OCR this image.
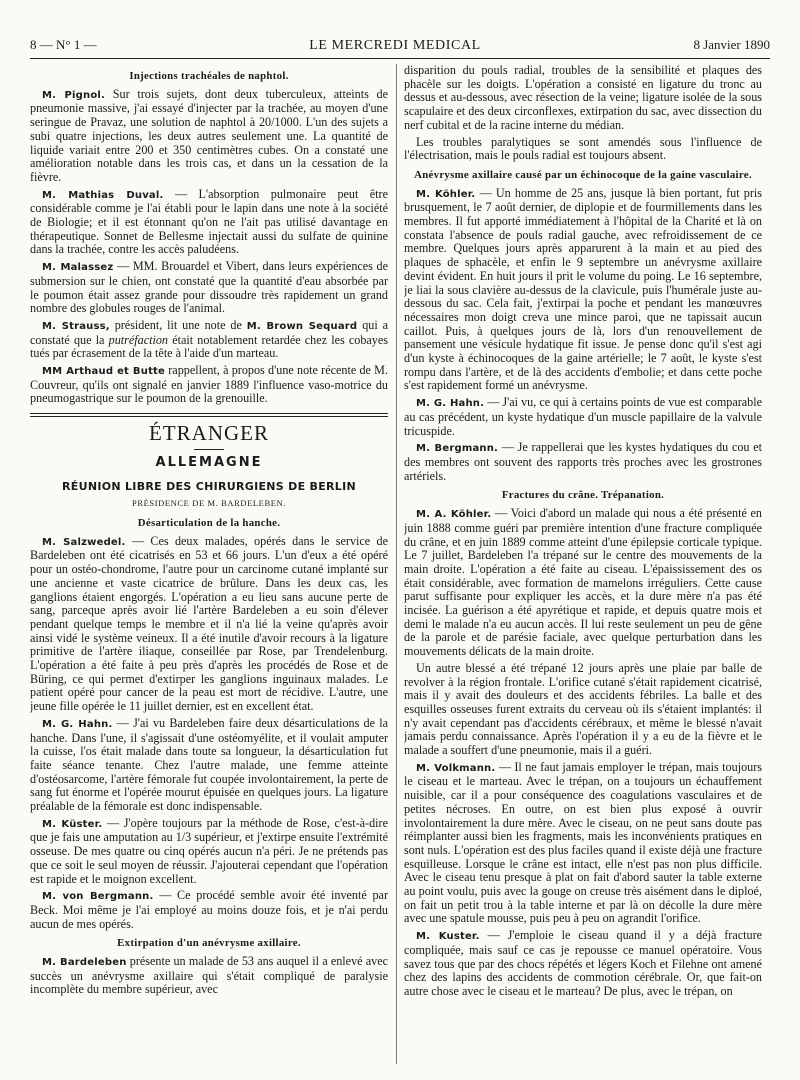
8 — N° 1 —	LE MERCREDI MEDICAL	8 Janvier 1890
Injections trachéales de naphtol.

M. Pignol. Sur trois sujets, dont deux tuberculeux, atteints de pneumonie massive, j'ai essayé d'injecter par la trachée, au moyen d'une seringue de Pravaz, une solution de naphtol à 20/1000. L'un des sujets a subi quatre injections, les deux autres seulement une. La quantité de liquide variait entre 200 et 350 centimètres cubes. On a constaté une amélioration notable dans les trois cas, et dans un la cessation de la fièvre.

M. Mathias Duval. — L'absorption pulmonaire peut être considérable comme je l'ai établi pour le lapin dans une note à la société de Biologie; et il est étonnant qu'on ne l'ait pas utilisé davantage en thérapeutique. Sonnet de Bellesme injectait aussi du sulfate de quinine dans la trachée, contre les accès paludéens.

M. Malassez — MM. Brouardel et Vibert, dans leurs expériences de submersion sur le chien, ont constaté que la quantité d'eau absorbée par le poumon était assez grande pour dissoudre très rapidement un grand nombre des globules rouges de l'animal.

M. Strauss, président, lit une note de M. Brown Sequard qui a constaté que la putréfaction était notablement retardée chez les cobayes tués par écrasement de la tête à l'aide d'un marteau.

MM Arthaud et Butte rappellent, à propos d'une note récente de M. Couvreur, qu'ils ont signalé en janvier 1889 l'influence vaso-motrice du pneumogastrique sur le poumon de la grenouille.

ÉTRANGER
ALLEMAGNE
RÉUNION LIBRE DES CHIRURGIENS DE BERLIN
PRÉSIDENCE DE M. BARDELEBEN.
Désarticulation de la hanche.

M. Salzwedel. — Ces deux malades, opérés dans le service de Bardeleben ont été cicatrisés en 53 et 66 jours. L'un d'eux a été opéré pour un ostéo-chondrome, l'autre pour un carcinome cutané implanté sur une ancienne et vaste cicatrice de brûlure. Dans les deux cas, les ganglions étaient engorgés. L'opération a eu lieu sans aucune perte de sang, parceque après avoir lié l'artère Bardeleben a eu soin d'élever pendant quelque temps le membre et il n'a lié la veine qu'après avoir ainsi vidé le système veineux. Il a été inutile d'avoir recours à la ligature primitive de l'artère iliaque, conseillée par Rose, par Trendelenburg. L'opération a été faite à peu près d'après les procédés de Rose et de Büring, ce qui permet d'extirper les ganglions inguinaux malades. Le patient opéré pour cancer de la peau est mort de récidive. L'autre, une jeune fille opérée le 11 juillet dernier, est en excellent état.

M. G. Hahn. — J'ai vu Bardeleben faire deux désarticulations de la hanche. Dans l'une, il s'agissait d'une ostéomyélite, et il voulait amputer la cuisse, l'os était malade dans toute sa longueur, la désarticulation fut faite séance tenante. Chez l'autre malade, une femme atteinte d'ostéosarcome, l'artère fémorale fut coupée involontairement, la perte de sang fut énorme et l'opérée mourut épuisée en quelques jours. La ligature préalable de la fémorale est donc indispensable.

M. Küster. — J'opère toujours par la méthode de Rose, c'est-à-dire que je fais une amputation au 1/3 supérieur, et j'extirpe ensuite l'extrémité osseuse. De mes quatre ou cinq opérés aucun n'a péri. Je ne prétends pas que ce soit le seul moyen de réussir. J'ajouterai cependant que l'opération est rapide et le moignon excellent.

M. von Bergmann. — Ce procédé semble avoir été inventé par Beck. Moi même je l'ai employé au moins douze fois, et je n'ai perdu aucun de mes opérés.

Extirpation d'un anévrysme axillaire.

M. Bardeleben présente un malade de 53 ans auquel il a enlevé avec succès un anévrysme axillaire qui s'était compliqué de paralysie incomplète du membre supérieur, avec

disparition du pouls radial, troubles de la sensibilité et plaques des phacèle sur les doigts. L'opération a consisté en ligature du tronc au dessus et au-dessous, avec résection de la veine; ligature isolée de la sous scapulaire et des deux circonflexes, extirpation du sac, avec dissection du nerf cubital et de la racine interne du médian.

Les troubles paralytiques se sont amendés sous l'influence de l'électrisation, mais le pouls radial est toujours absent.

Anévrysme axillaire causé par un échinocoque de la gaine vasculaire.

M. Köhler. — Un homme de 25 ans, jusque là bien portant, fut pris brusquement, le 7 août dernier, de diplopie et de fourmillements dans les membres. Il fut apporté immédiatement à l'hôpital de la Charité et là on constata l'absence de pouls radial gauche, avec refroidissement de ce membre. Quelques jours après apparurent à la main et au pied des plaques de sphacèle, et enfin le 9 septembre un anévrysme axillaire devint évident. En huit jours il prit le volume du poing. Le 16 septembre, je liai la sous clavière au-dessus de la clavicule, puis l'humérale juste au-dessous du sac. Cela fait, j'extirpai la poche et pendant les manœuvres nécessaires mon doigt creva une mince paroi, que ne tapissait aucun caillot. Puis, à quelques jours de là, lors d'un renouvellement de pansement une vésicule hydatique fit issue. Je pense donc qu'il s'est agi d'un kyste à échinocoques de la gaine artérielle; le 7 août, le kyste s'est rompu dans l'artère, et de là des accidents d'embolie; et dans cette poche s'est rapidement formé un anévrysme.

M. G. Hahn. — J'ai vu, ce qui à certains points de vue est comparable au cas précédent, un kyste hydatique d'un muscle papillaire de la valvule tricuspide.

M. Bergmann. — Je rappellerai que les kystes hydatiques du cou et des membres ont souvent des rapports très proches avec les grostrones artériels.

Fractures du crâne. Trépanation.

M. A. Köhler. — Voici d'abord un malade qui nous a été présenté en juin 1888 comme guéri par première intention d'une fracture compliquée du crâne, et en juin 1889 comme atteint d'une épilepsie corticale typique. Le 7 juillet, Bardeleben l'a trépané sur le centre des mouvements de la main droite. L'opération a été faite au ciseau. L'épaississement des os était considérable, avec formation de mamelons irréguliers. Cette cause parut suffisante pour expliquer les accès, et la dure mère n'a pas été incisée. La guérison a été apyrétique et rapide, et depuis quatre mois et demi le malade n'a eu aucun accès. Il lui reste seulement un peu de gêne de la parole et de parésie faciale, avec quelque perturbation dans les mouvements délicats de la main droite.

Un autre blessé a été trépané 12 jours après une plaie par balle de revolver à la région frontale. L'orifice cutané s'était rapidement cicatrisé, mais il y avait des douleurs et des accidents fébriles. La balle et des esquilles osseuses furent extraits du cerveau où ils s'étaient implantés: il n'y avait cependant pas d'accidents cérébraux, et même le blessé n'avait jamais perdu connaissance. Après l'opération il y a eu de la fièvre et le malade a souffert d'une pneumonie, mais il a guéri.

M. Volkmann. — Il ne faut jamais employer le trépan, mais toujours le ciseau et le marteau. Avec le trépan, on a toujours un échauffement nuisible, car il a pour conséquence des coagulations vasculaires et de petites nécroses. En outre, on est bien plus exposé à ouvrir involontairement la dure mère. Avec le ciseau, on ne peut sans doute pas réimplanter aussi bien les fragments, mais les inconvénients pratiques en sont nuls. L'opération est des plus faciles quand il existe déjà une fracture esquilleuse. Lorsque le crâne est intact, elle n'est pas non plus difficile. Avec le ciseau tenu presque à plat on fait d'abord sauter la table externe au point voulu, puis avec la gouge on creuse très aisément dans le diploé, on fait un petit trou à la table interne et par là on décolle la dure mère avec une spatule mousse, puis peu à peu on agrandit l'orifice.

M. Kuster. — J'emploie le ciseau quand il y a déjà fracture compliquée, mais sauf ce cas je repousse ce manuel opératoire. Vous savez tous que par des chocs répétés et légers Koch et Filehne ont amené chez des lapins des accidents de commotion cérébrale. Or, que fait-on autre chose avec le ciseau et le marteau? De plus, avec le trépan, on
